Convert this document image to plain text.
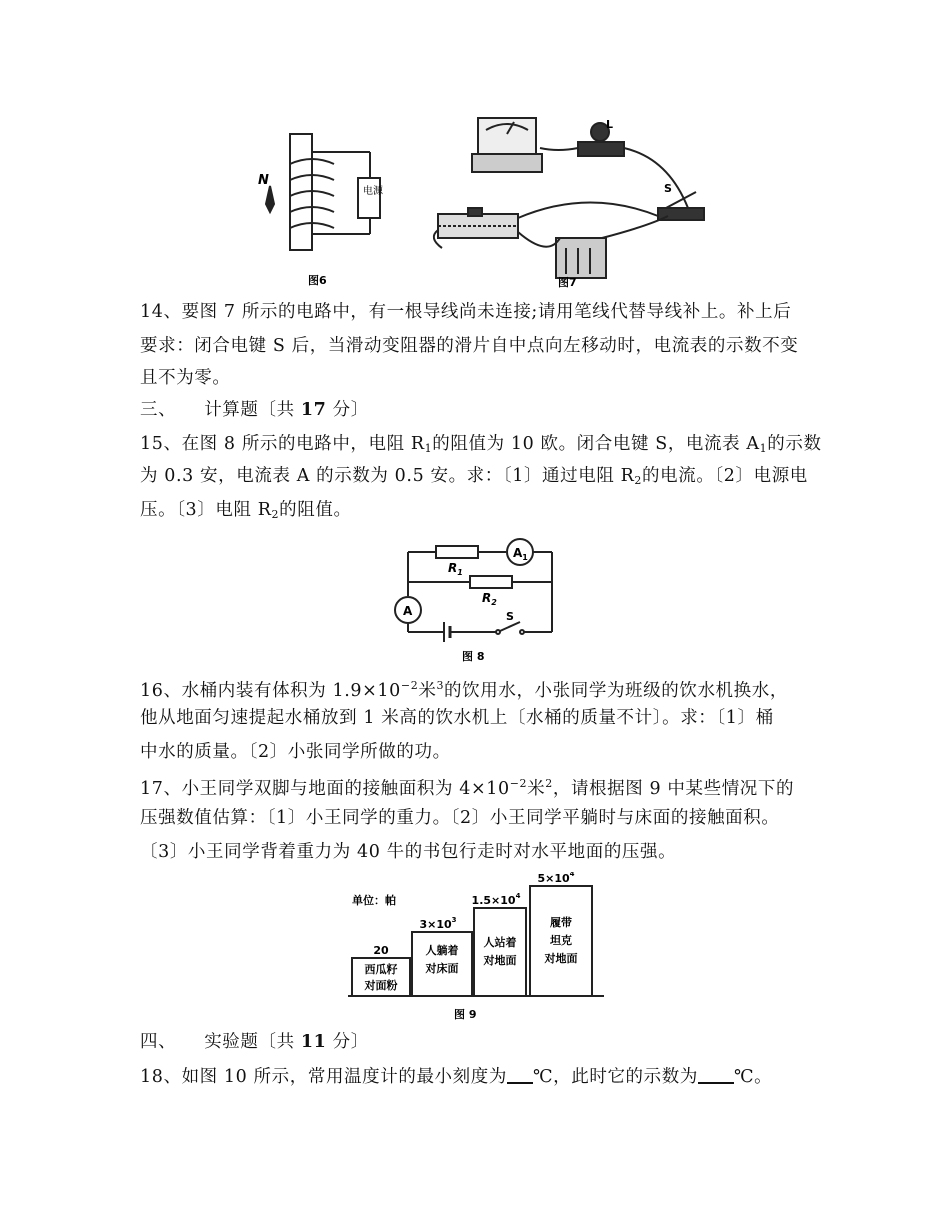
N
电源
图6
L
S
图7
14、要图 7 所示的电路中，有一根导线尚未连接;请用笔线代替导线补上。补上后
要求：闭合电键 S 后，当滑动变阻器的滑片自中点向左移动时，电流表的示数不变
且不为零。
三、 计算题〔共 17 分〕
15、在图 8 所示的电路中，电阻 $R_1$的阻值为 10 欧。闭合电键 S，电流表 $A_1$的示数
为 0.3 安，电流表 A 的示数为 0.5 安。求：〔1〕通过电阻 $R_2$的电流。〔2〕电源电
压。〔3〕电阻 $R_2$的阻值。
$R_1$
$R_2$
$A_1$
A	S
图 8
16、水桶内装有体积为 $1.9\times 10^{-2}$米$^3$的饮用水，小张同学为班级的饮水机换水，
他从地面匀速提起水桶放到 1 米高的饮水机上〔水桶的质量不计〕。求：〔1〕桶
中水的质量。〔2〕小张同学所做的功。
17、小王同学双脚与地面的接触面积为 $4\times 10^{-2}$米$^2$，请根据图 9 中某些情况下的
压强数值估算：〔1〕小王同学的重力。〔2〕小王同学平躺时与床面的接触面积。
〔3〕小王同学背着重力为 40 牛的书包行走时对水平地面的压强。
单位：帕
20
西瓜籽
对面粉
$3\times 10^3$
人躺着
对床面
$1.5\times 10^4$
人站着
对地面
$5\times 10^4$
履带
坦克
对地面
图 9
四、 实验题〔共 11 分〕
18、如图 10 所示，常用温度计的最小刻度为 ℃，此时它的示数为 ℃。
